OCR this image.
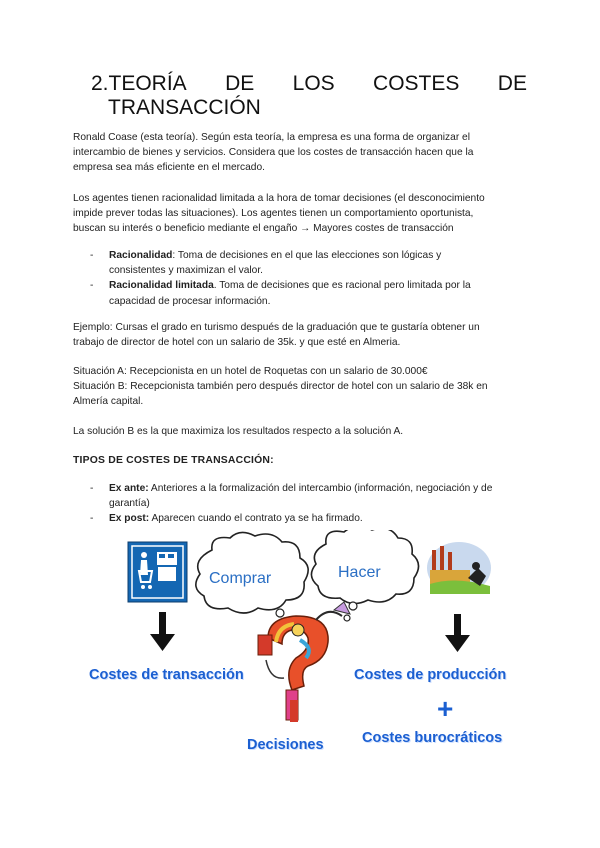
2.TEORÍA DE LOS COSTES DE
TRANSACCIÓN
Ronald Coase (esta teoría). Según esta teoría, la empresa es una forma de organizar el
intercambio de bienes y servicios. Considera que los costes de transacción hacen que la
empresa sea más eficiente en el mercado.
Los agentes tienen racionalidad limitada a la hora de tomar decisiones (el desconocimiento
impide prever todas las situaciones). Los agentes tienen un comportamiento oportunista,
buscan su interés o beneficio mediante el engaño → Mayores costes de transacción
-	Racionalidad: Toma de decisiones en el que las elecciones son lógicas y
consistentes y maximizan el valor.
-	Racionalidad limitada. Toma de decisiones que es racional pero limitada por la
capacidad de procesar información.
Ejemplo: Cursas el grado en turismo después de la graduación que te gustaría obtener un
trabajo de director de hotel con un salario de 35k. y que esté en Almeria.
Situación A: Recepcionista en un hotel de Roquetas con un salario de 30.000€
Situación B: Recepcionista también pero después director de hotel con un salario de 38k en
Almería capital.
La solución B es la que maximiza los resultados respecto a la solución A.
TIPOS DE COSTES DE TRANSACCIÓN:
-	Ex ante: Anteriores a la formalización del intercambio (información, negociación y de
garantía)
-	Ex post: Aparecen cuando el contrato ya se ha firmado.
Comprar	Hacer
+
Costes de transacción	Costes de producción
Costes burocráticos
Decisiones
